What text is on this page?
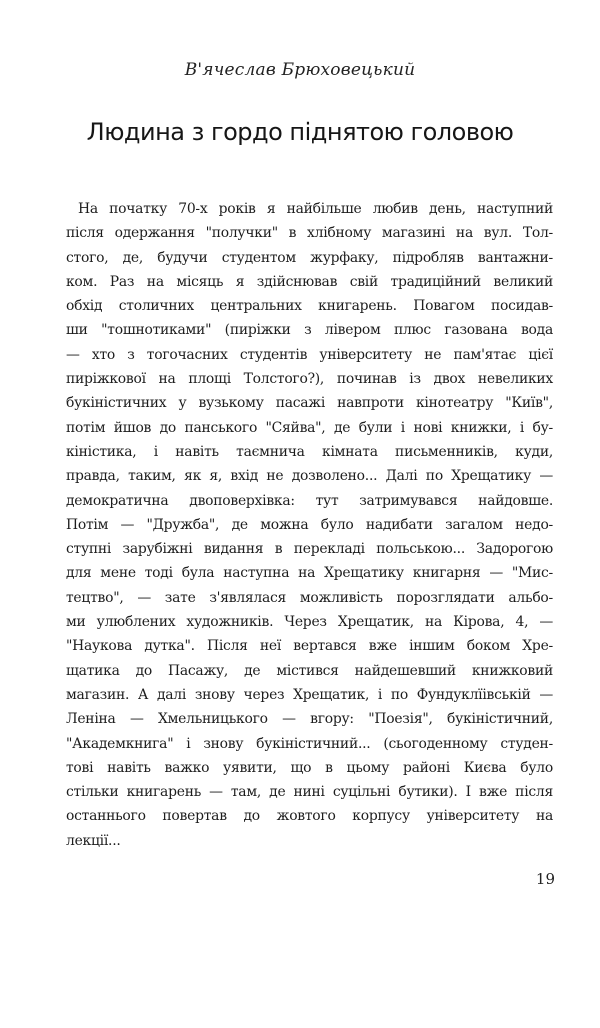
В'ячеслав Брюховецький
Людина з гордо піднятою головою
На початку 70-х років я найбільше любив день, наступний
після одержання "получки" в хлібному магазині на вул. Тол-
стого, де, будучи студентом журфаку, підробляв вантажни-
ком. Раз на місяць я здійснював свій традиційний великий
обхід столичних центральних книгарень. Повагом посидав-
ши "тошнотиками" (пиріжки з лівером плюс газована вода
— хто з тогочасних студентів університету не пам'ятає цієї
пиріжкової на площі Толстого?), починав із двох невеликих
букіністичних у вузькому пасажі навпроти кінотеатру "Київ",
потім йшов до панського "Сяйва", де були і нові книжки, і бу-
кіністика, і навіть таємнича кімната письменників, куди,
правда, таким, як я, вхід не дозволено... Далі по Хрещатику —
демократична двоповерхівка: тут затримувався найдовше.
Потім — "Дружба", де можна було надибати загалом недо-
ступні зарубіжні видання в перекладі польською... Задорогою
для мене тоді була наступна на Хрещатику книгарня — "Мис-
тецтво", — зате з'являлася можливість порозглядати альбо-
ми улюблених художників. Через Хрещатик, на Кірова, 4, —
"Наукова дутка". Після неї вертався вже іншим боком Хре-
щатика до Пасажу, де містився найдешевший книжковий
магазин. А далі знову через Хрещатик, і по Фундуклїівській —
Леніна — Хмельницького — вгору: "Поезія", букіністичний,
"Академкнига" і знову букіністичний... (сьогоденному студен-
тові навіть важко уявити, що в цьому районі Києва було
стільки книгарень — там, де нині суцільні бутики). І вже після
останнього повертав до жовтого корпусу університету на
лекції...
19
